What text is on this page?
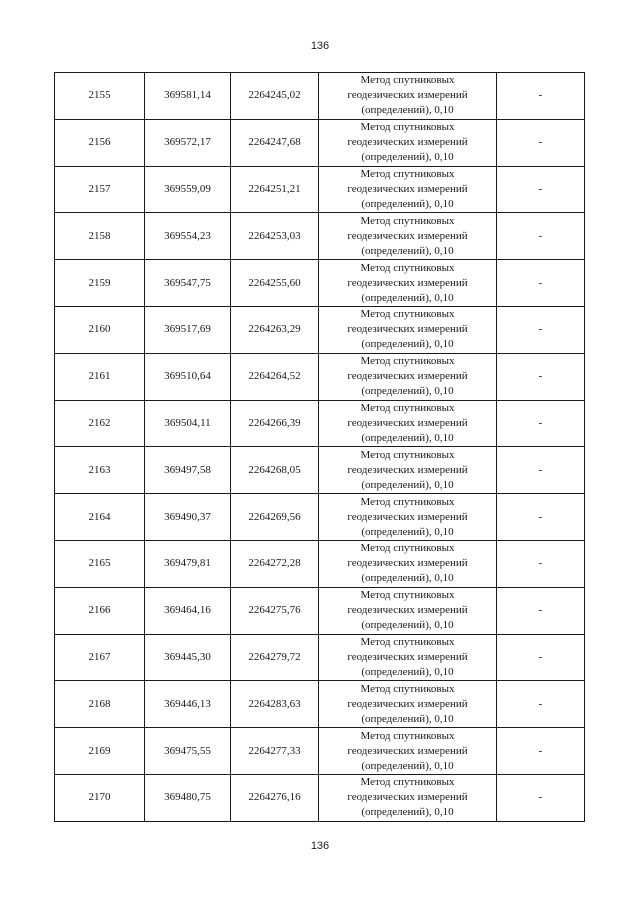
136
2155	369581,14	2264245,02	Метод спутниковых
геодезических измерений
(определений), 0,10	-
2156	369572,17	2264247,68	Метод спутниковых
геодезических измерений
(определений), 0,10	-
2157	369559,09	2264251,21	Метод спутниковых
геодезических измерений
(определений), 0,10	-
2158	369554,23	2264253,03	Метод спутниковых
геодезических измерений
(определений), 0,10	-
2159	369547,75	2264255,60	Метод спутниковых
геодезических измерений
(определений), 0,10	-
2160	369517,69	2264263,29	Метод спутниковых
геодезических измерений
(определений), 0,10	-
2161	369510,64	2264264,52	Метод спутниковых
геодезических измерений
(определений), 0,10	-
2162	369504,11	2264266,39	Метод спутниковых
геодезических измерений
(определений), 0,10	-
2163	369497,58	2264268,05	Метод спутниковых
геодезических измерений
(определений), 0,10	-
2164	369490,37	2264269,56	Метод спутниковых
геодезических измерений
(определений), 0,10	-
2165	369479,81	2264272,28	Метод спутниковых
геодезических измерений
(определений), 0,10	-
2166	369464,16	2264275,76	Метод спутниковых
геодезических измерений
(определений), 0,10	-
2167	369445,30	2264279,72	Метод спутниковых
геодезических измерений
(определений), 0,10	-
2168	369446,13	2264283,63	Метод спутниковых
геодезических измерений
(определений), 0,10	-
2169	369475,55	2264277,33	Метод спутниковых
геодезических измерений
(определений), 0,10	-
2170	369480,75	2264276,16	Метод спутниковых
геодезических измерений
(определений), 0,10	-
136
